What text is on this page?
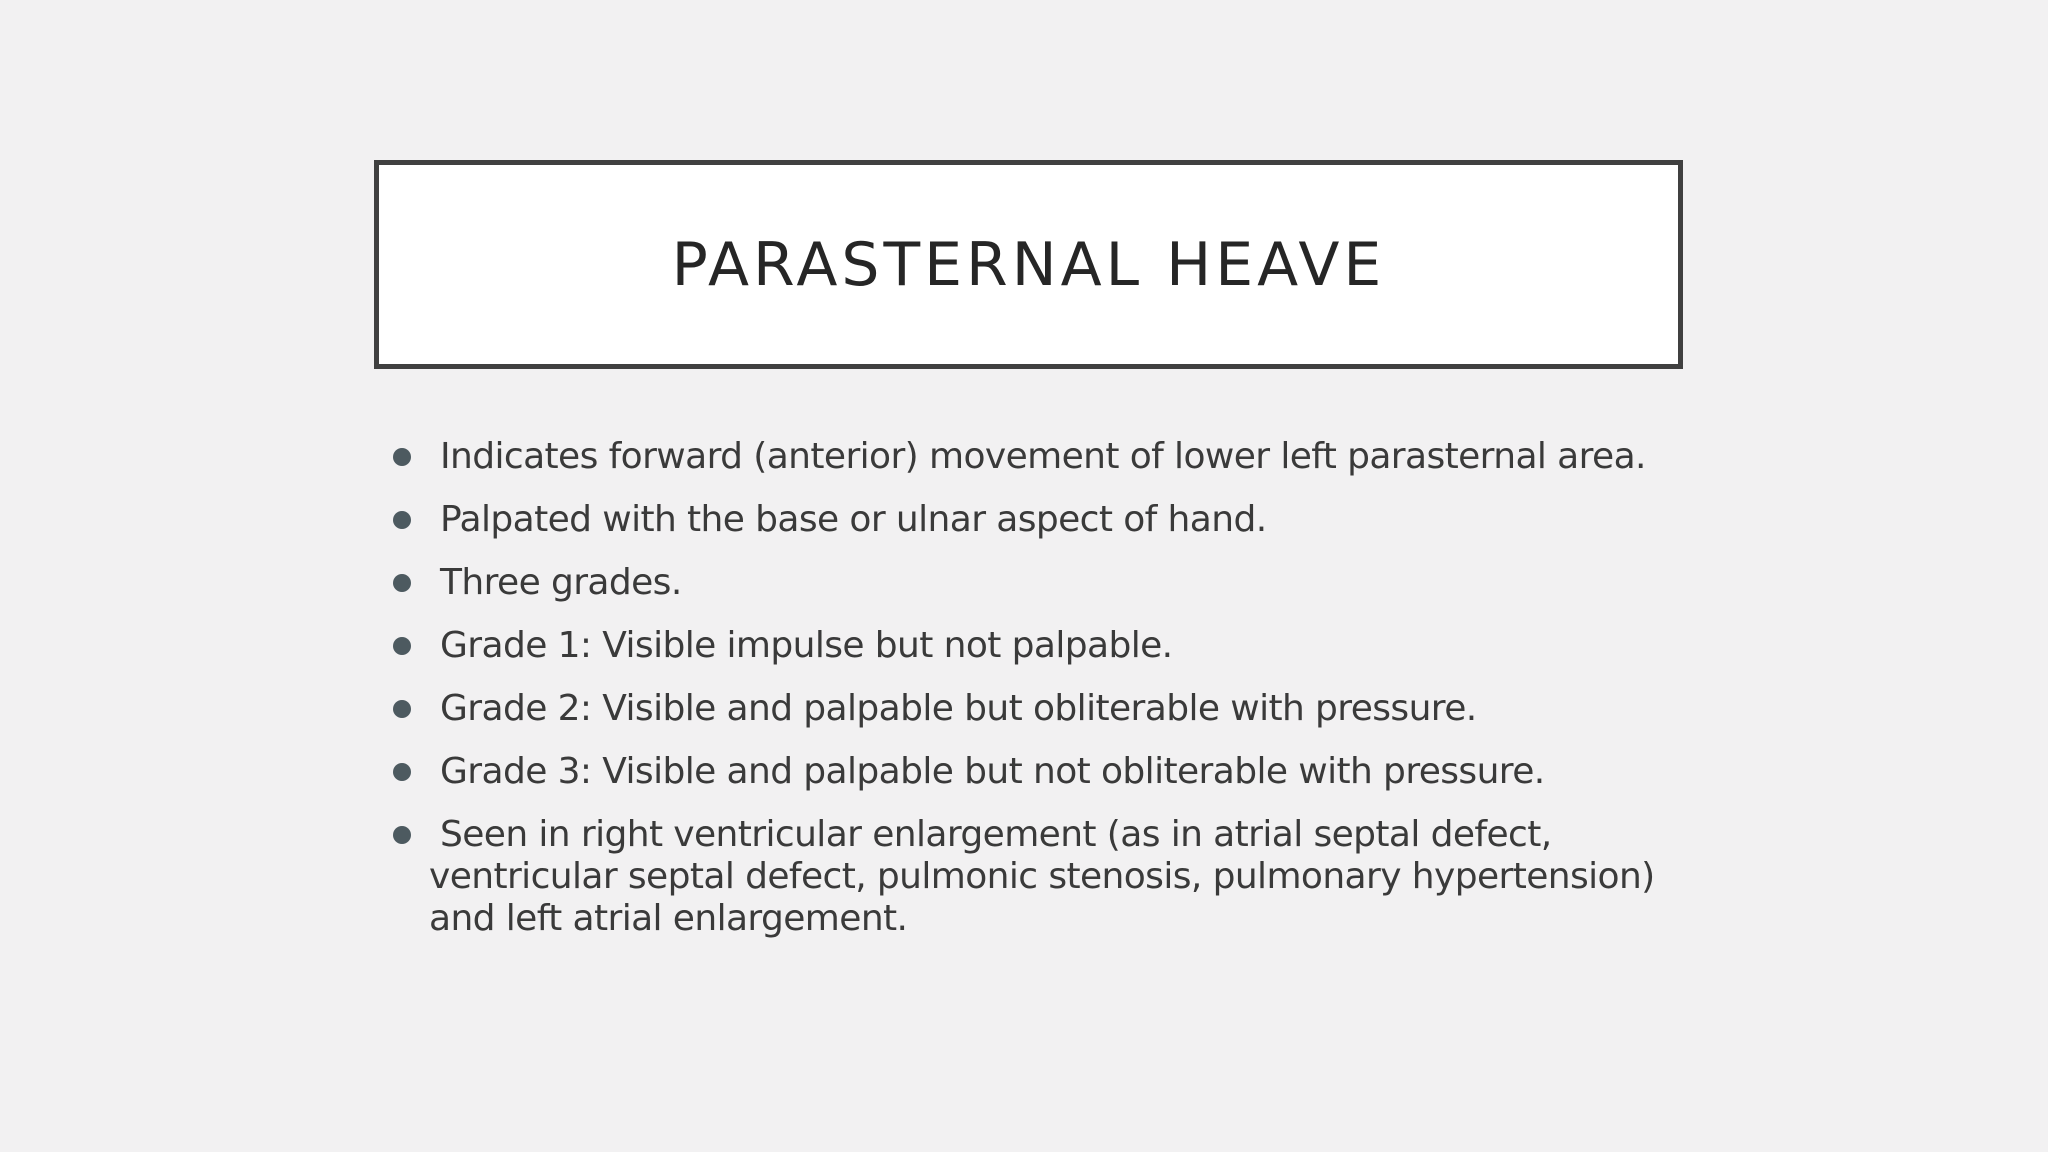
PARASTERNAL HEAVE
Indicates forward (anterior) movement of lower left parasternal area.
Palpated with the base or ulnar aspect of hand.
Three grades.
Grade 1: Visible impulse but not palpable.
Grade 2: Visible and palpable but obliterable with pressure.
Grade 3: Visible and palpable but not obliterable with pressure.
Seen in right ventricular enlargement (as in atrial septal defect, ventricular septal defect, pulmonic stenosis, pulmonary hypertension) and left atrial enlargement.
